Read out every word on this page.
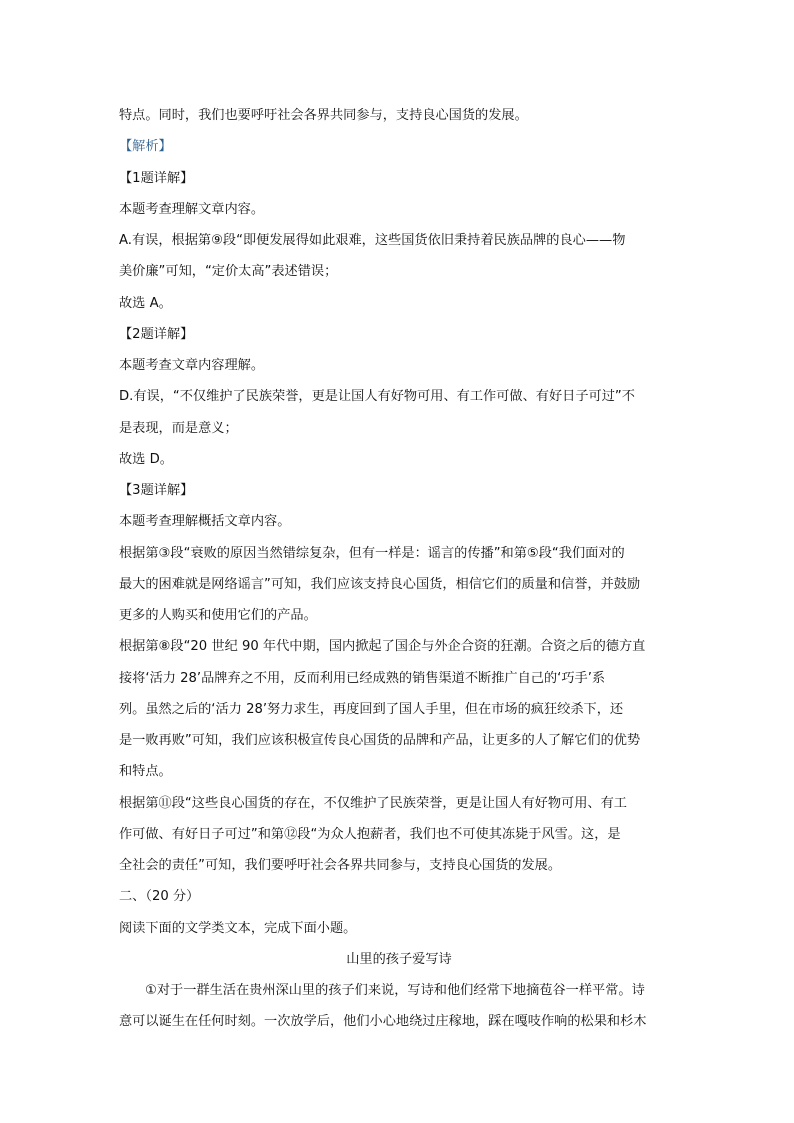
特点。同时，我们也要呼吁社会各界共同参与，支持良心国货的发展。
【解析】
【1题详解】
本题考查理解文章内容。
A.有误，根据第⑨段“即便发展得如此艰难，这些国货依旧秉持着民族品牌的良心——物
美价廉”可知，“定价太高”表述错误；
故选 A。
【2题详解】
本题考查文章内容理解。
D.有误，“不仅维护了民族荣誉，更是让国人有好物可用、有工作可做、有好日子可过”不
是表现，而是意义；
故选 D。
【3题详解】
本题考查理解概括文章内容。
根据第③段“衰败的原因当然错综复杂，但有一样是：谣言的传播”和第⑤段“我们面对的
最大的困难就是网络谣言”可知，我们应该支持良心国货，相信它们的质量和信誉，并鼓励
更多的人购买和使用它们的产品。
根据第⑧段“20 世纪 90 年代中期，国内掀起了国企与外企合资的狂潮。合资之后的德方直
接将‘活力 28’品牌弃之不用，反而利用已经成熟的销售渠道不断推广自己的‘巧手’系
列。虽然之后的‘活力 28’努力求生，再度回到了国人手里，但在市场的疯狂绞杀下，还
是一败再败”可知，我们应该积极宣传良心国货的品牌和产品，让更多的人了解它们的优势
和特点。
根据第⑪段“这些良心国货的存在，不仅维护了民族荣誉，更是让国人有好物可用、有工
作可做、有好日子可过”和第⑫段“为众人抱薪者，我们也不可使其冻毙于风雪。这，是
全社会的责任”可知，我们要呼吁社会各界共同参与，支持良心国货的发展。
二、（20 分）
阅读下面的文学类文本，完成下面小题。
山里的孩子爱写诗
①对于一群生活在贵州深山里的孩子们来说，写诗和他们经常下地摘苞谷一样平常。诗
意可以诞生在任何时刻。一次放学后，他们小心地绕过庄稼地，踩在嘎吱作响的松果和杉木
